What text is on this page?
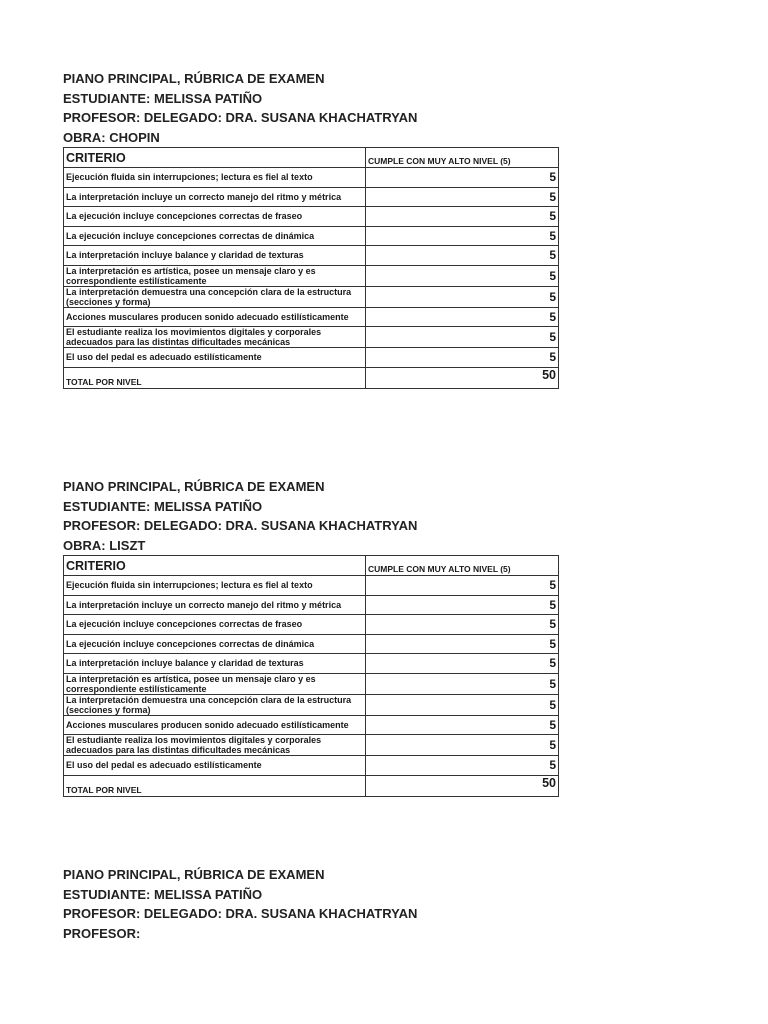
PIANO PRINCIPAL, RÚBRICA DE EXAMEN
ESTUDIANTE: MELISSA PATIÑO
PROFESOR: DELEGADO: DRA. SUSANA KHACHATRYAN
OBRA: CHOPIN
CRITERIO	CUMPLE CON MUY ALTO NIVEL (5)
Ejecución fluida sin interrupciones; lectura es fiel al texto	5
La interpretación incluye un correcto manejo del ritmo y métrica	5
La ejecución incluye concepciones correctas de fraseo	5
La ejecución incluye concepciones correctas de dinámica	5
La interpretación incluye balance y claridad de texturas	5
La interpretación es artística, posee un mensaje claro y es correspondiente estilísticamente	5
La interpretación demuestra una concepción clara de la estructura (secciones y forma)	5
Acciones musculares producen sonido adecuado estilísticamente	5
El estudiante realiza los movimientos digitales y corporales adecuados para las distintas dificultades mecánicas	5
El uso del pedal es adecuado estilísticamente	5
TOTAL POR NIVEL	50
PIANO PRINCIPAL, RÚBRICA DE EXAMEN
ESTUDIANTE: MELISSA PATIÑO
PROFESOR: DELEGADO: DRA. SUSANA KHACHATRYAN
OBRA: LISZT
CRITERIO	CUMPLE CON MUY ALTO NIVEL (5)
Ejecución fluida sin interrupciones; lectura es fiel al texto	5
La interpretación incluye un correcto manejo del ritmo y métrica	5
La ejecución incluye concepciones correctas de fraseo	5
La ejecución incluye concepciones correctas de dinámica	5
La interpretación incluye balance y claridad de texturas	5
La interpretación es artística, posee un mensaje claro y es correspondiente estilísticamente	5
La interpretación demuestra una concepción clara de la estructura (secciones y forma)	5
Acciones musculares producen sonido adecuado estilísticamente	5
El estudiante realiza los movimientos digitales y corporales adecuados para las distintas dificultades mecánicas	5
El uso del pedal es adecuado estilísticamente	5
TOTAL POR NIVEL	50
PIANO PRINCIPAL, RÚBRICA DE EXAMEN
ESTUDIANTE: MELISSA PATIÑO
PROFESOR: DELEGADO: DRA. SUSANA KHACHATRYAN
PROFESOR:
